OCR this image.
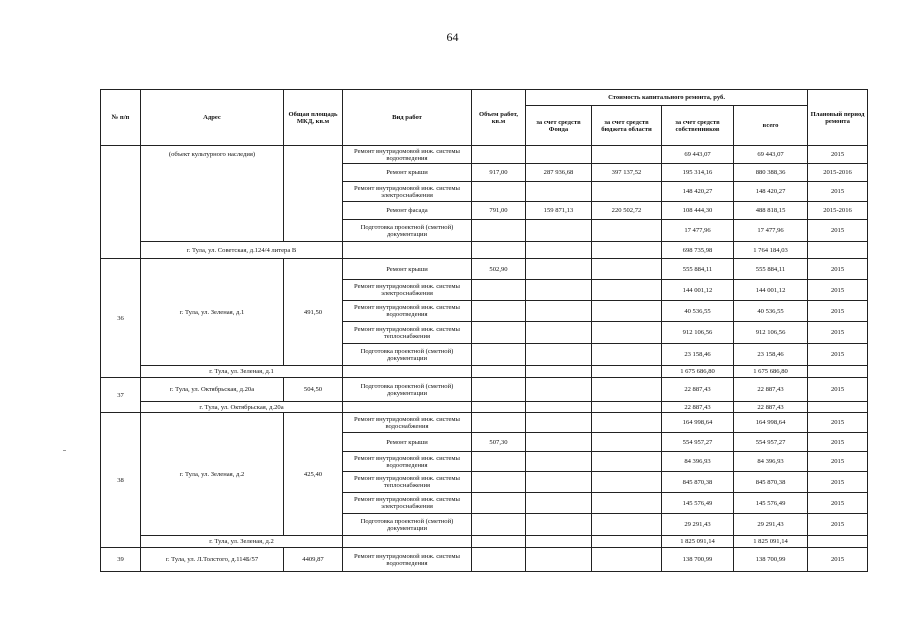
64
№ п/п	Адрес	Общая площадь МКД, кв.м	Вид работ	Объем работ, кв.м	Стоимость капитального ремонта, руб.				Плановый период ремонта
					за счет средств Фонда	за счет средств бюджета области	за счет средств собственников	всего	
	(объект культурного наследия)		Ремонт внутридомовой инж. системы водоотведения				69 443,07	69 443,07	2015
			Ремонт крыши	917,00	287 936,68	397 137,52	195 314,16	880 388,36	2015-2016
			Ремонт внутридомовой инж. системы электроснабжения				148 420,27	148 420,27	2015
			Ремонт фасада	791,00	159 871,13	220 502,72	108 444,30	488 818,15	2015-2016
			Подготовка проектной (сметной) документации				17 477,96	17 477,96	2015
	г. Тула, ул. Советская, д.124/4 литера В						698 735,98	1 764 184,03	
36	г. Тула, ул. Зеленая, д.1	491,50	Ремонт крыши	502,90			555 884,11	555 884,11	2015
			Ремонт внутридомовой инж. системы электроснабжения				144 001,12	144 001,12	2015
			Ремонт внутридомовой инж. системы водоотведения				40 536,55	40 536,55	2015
			Ремонт внутридомовой инж. системы теплоснабжения				912 106,56	912 106,56	2015
			Подготовка проектной (сметной) документации				23 158,46	23 158,46	2015
	г. Тула, ул. Зеленая, д.1						1 675 686,80	1 675 686,80	
37	г. Тула, ул. Октябрьская, д.20а	504,50	Подготовка проектной (сметной) документации				22 887,43	22 887,43	2015
	г. Тула, ул. Октябрьская, д.20а						22 887,43	22 887,43	
38	г. Тула, ул. Зеленая, д.2	425,40	Ремонт внутридомовой инж. системы водоснабжения				164 998,64	164 998,64	2015
			Ремонт крыши	507,30			554 957,27	554 957,27	2015
			Ремонт внутридомовой инж. системы водоотведения				84 396,93	84 396,93	2015
			Ремонт внутридомовой инж. системы теплоснабжения				845 870,38	845 870,38	2015
			Ремонт внутридомовой инж. системы электроснабжения				145 576,49	145 576,49	2015
			Подготовка проектной (сметной) документации				29 291,43	29 291,43	2015
	г. Тула, ул. Зеленая, д.2						1 825 091,14	1 825 091,14	
39	г. Тула, ул. Л.Толстого, д.114Б/57	4409,87	Ремонт внутридомовой инж. системы водоотведения				138 700,99	138 700,99	2015
